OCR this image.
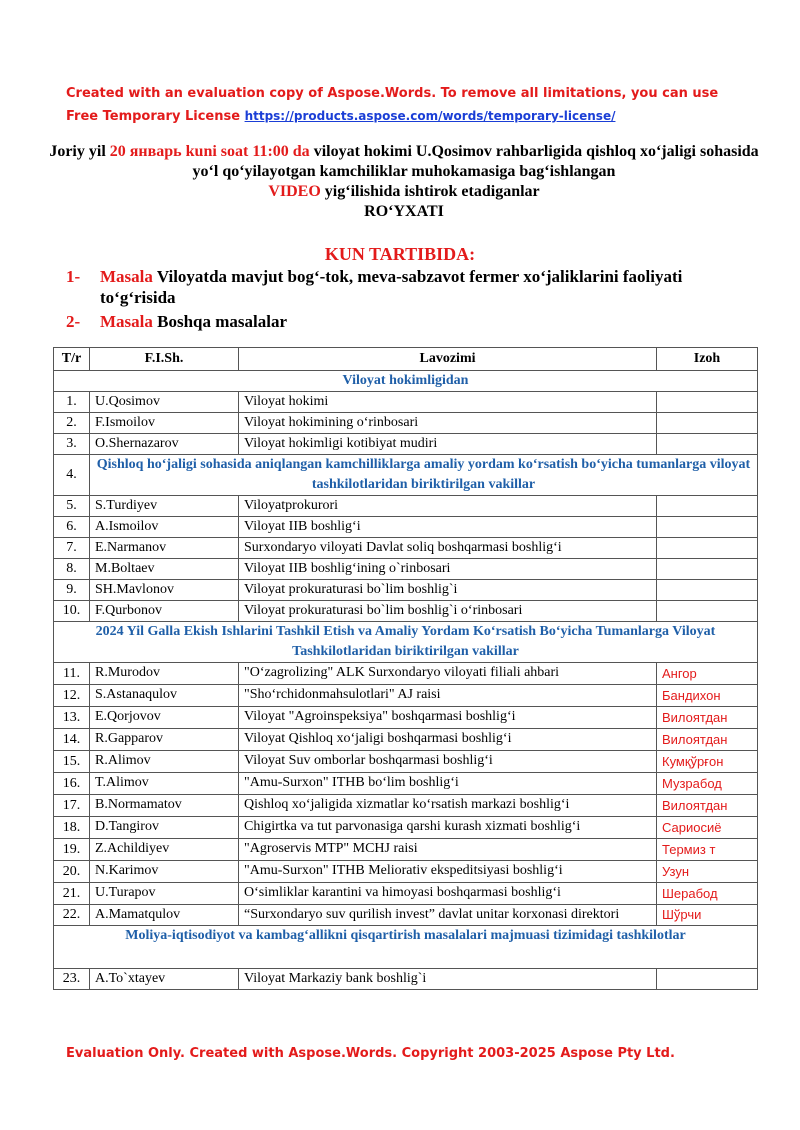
Created with an evaluation copy of Aspose.Words. To remove all limitations, you can use Free Temporary License https://products.aspose.com/words/temporary-license/
Joriy yil 20 январь kuni soat 11:00 da viloyat hokimi U.Qosimov rahbarligida qishloq xo‘jaligi sohasida yo‘l qo‘yilayotgan kamchiliklar muhokamasiga bag‘ishlangan
VIDEO yig‘ilishida ishtirok etadiganlar
RO‘YXATI
KUN TARTIBIDA:
1-	Masala Viloyatda mavjut bog‘-tok, meva-sabzavot fermer xo‘jaliklarini faoliyati to‘g‘risida
2-	Masala Boshqa masalalar
T/r	F.I.Sh.	Lavozimi	Izoh
Viloyat hokimligidan			
1.	U.Qosimov	Viloyat hokimi	
2.	F.Ismoilov	Viloyat hokimining o‘rinbosari	
3.	O.Shernazarov	Viloyat hokimligi kotibiyat mudiri	
4.	Qishloq ho‘jaligi sohasida aniqlangan kamchilliklarga amaliy yordam ko‘rsatish bo‘yicha tumanlarga viloyat tashkilotlaridan biriktirilgan vakillar		
5.	S.Turdiyev	Viloyatprokurori	
6.	A.Ismoilov	Viloyat IIB boshlig‘i	
7.	E.Narmanov	Surxondaryo viloyati Davlat soliq boshqarmasi boshlig‘i	
8.	M.Boltaev	Viloyat IIB boshlig‘ining o`rinbosari	
9.	SH.Mavlonov	Viloyat prokuraturasi bo`lim boshlig`i	
10.	F.Qurbonov	Viloyat prokuraturasi bo`lim boshlig`i o‘rinbosari	
2024 Yil Galla Ekish Ishlarini Tashkil Etish va Amaliy Yordam Ko‘rsatish Bo‘yicha Tumanlarga Viloyat Tashkilotlaridan biriktirilgan vakillar			
11.	R.Murodov	"O‘zagrolizing" ALK Surxondaryo viloyati filiali ahbari	Ангор
12.	S.Astanaqulov	"Sho‘rchidonmahsulotlari" AJ raisi	Бандихон
13.	E.Qorjovov	Viloyat "Agroinspeksiya" boshqarmasi boshlig‘i	Вилоятдан
14.	R.Gapparov	Viloyat Qishloq xo‘jaligi boshqarmasi boshlig‘i	Вилоятдан
15.	R.Alimov	Viloyat Suv omborlar boshqarmasi boshlig‘i	Кумқўрғон
16.	T.Alimov	"Amu-Surxon" ITHB bo‘lim boshlig‘i	Музрабод
17.	B.Normamatov	Qishloq xo‘jaligida xizmatlar ko‘rsatish markazi boshlig‘i	Вилоятдан
18.	D.Tangirov	Chigirtka va tut parvonasiga qarshi kurash xizmati boshlig‘i	Сариосиё
19.	Z.Achildiyev	"Agroservis MTP" MCHJ raisi	Термиз т
20.	N.Karimov	"Amu-Surxon" ITHB Meliorativ ekspeditsiyasi boshlig‘i	Узун
21.	U.Turapov	O‘simliklar karantini va himoyasi boshqarmasi boshlig‘i	Шерабод
22.	A.Mamatqulov	“Surxondaryo suv qurilish invest” davlat unitar korxonasi direktori	Шўрчи
Moliya-iqtisodiyot va kambag‘allikni qisqartirish masalalari majmuasi tizimidagi tashkilotlar			
23.	A.To`xtayev	Viloyat Markaziy bank boshlig`i	
Evaluation Only. Created with Aspose.Words. Copyright 2003-2025 Aspose Pty Ltd.
